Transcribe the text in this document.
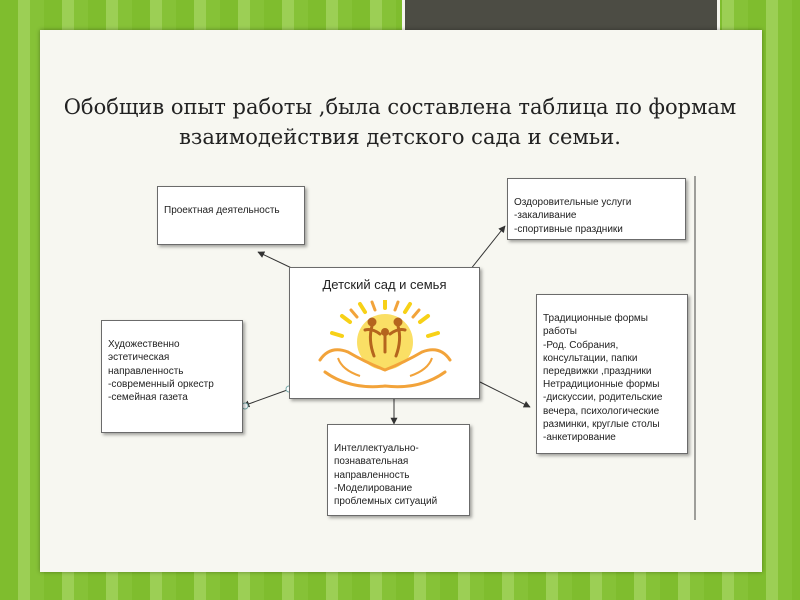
Обобщив опыт работы ,была составлена таблица по формам взаимодействия детского сада и семьи.

Проектная деятельность

Оздоровительные услуги
-закаливание
-спортивные праздники

Художественно
эстетическая
направленность
-современный оркестр
-семейная газета

Интеллектуально-
познавательная
направленность
-Моделирование
проблемных ситуаций

Традиционные формы
работы
-Род. Собрания,
консультации, папки
передвижки ,праздники
Нетрадиционные формы
-дискуссии, родительские
вечера, психологические
разминки, круглые столы
-анкетирование

Детский сад и семья
